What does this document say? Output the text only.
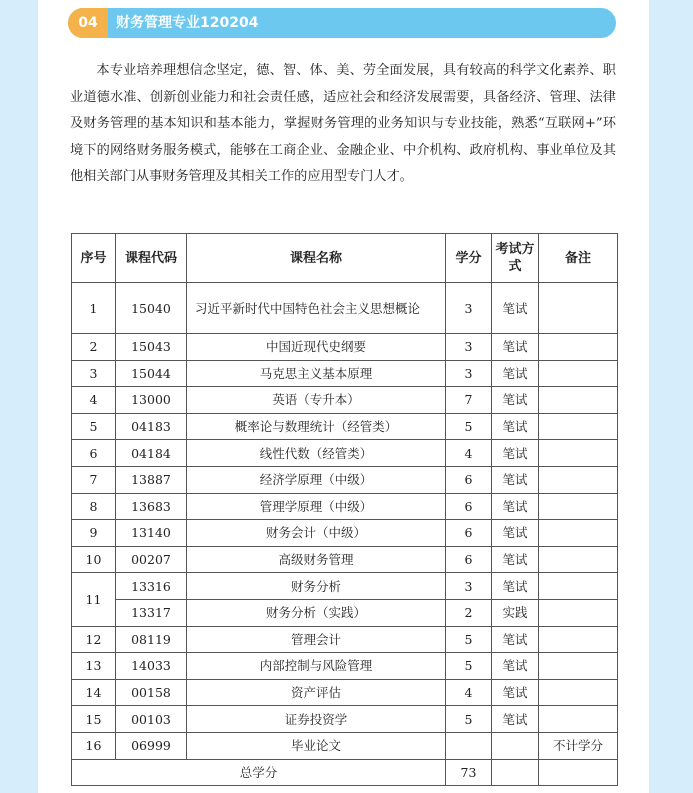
04	财务管理专业120204

本专业培养理想信念坚定，德、智、体、美、劳全面发展，具有较高的科学文化素养、职业道德水准、创新创业能力和社会责任感，适应社会和经济发展需要，具备经济、管理、法律及财务管理的基本知识和基本能力，掌握财务管理的业务知识与专业技能，熟悉“互联网+”环境下的网络财务服务模式，能够在工商企业、金融企业、中介机构、政府机构、事业单位及其他相关部门从事财务管理及其相关工作的应用型专门人才。

序号	课程代码	课程名称	学分	考试方式	备注
1	15040	习近平新时代中国特色社会主义思想概论	3	笔试	
2	15043	中国近现代史纲要	3	笔试	
3	15044	马克思主义基本原理	3	笔试	
4	13000	英语（专升本）	7	笔试	
5	04183	概率论与数理统计（经管类）	5	笔试	
6	04184	线性代数（经管类）	4	笔试	
7	13887	经济学原理（中级）	6	笔试	
8	13683	管理学原理（中级）	6	笔试	
9	13140	财务会计（中级）	6	笔试	
10	00207	高级财务管理	6	笔试	
11	13316	财务分析	3	笔试	
	13317	财务分析（实践）	2	实践	
12	08119	管理会计	5	笔试	
13	14033	内部控制与风险管理	5	笔试	
14	00158	资产评估	4	笔试	
15	00103	证券投资学	5	笔试	
16	06999	毕业论文			不计学分
总学分			73		
